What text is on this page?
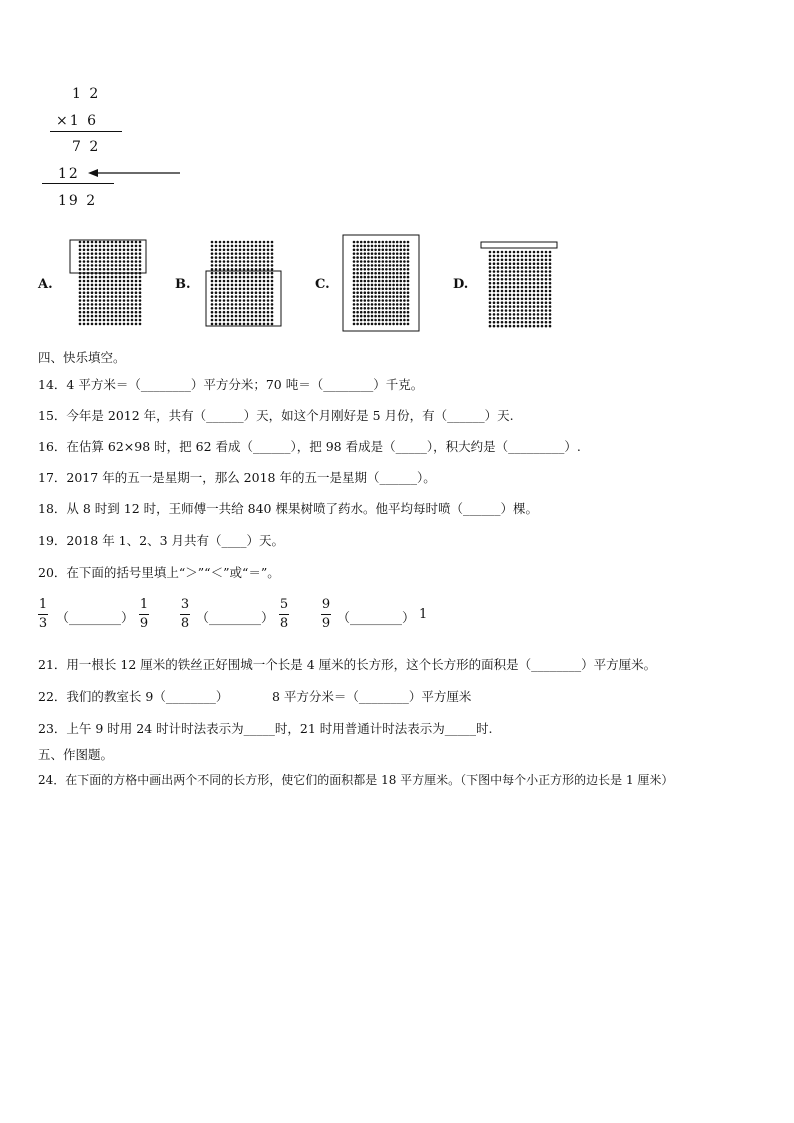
1 2
×1 6
7 2
12
19 2
A.	B.	C.	D.
四、快乐填空。
14．4 平方米＝（________）平方分米；70 吨＝（________）千克。
15．今年是 2012 年，共有（______）天，如这个月刚好是 5 月份，有（______）天.
16．在估算 62×98 时，把 62 看成（______），把 98 看成是（_____），积大约是（_________）.
17．2017 年的五一是星期一，那么 2018 年的五一是星期（______）。
18．从 8 时到 12 时，王师傅一共给 840 棵果树喷了药水。他平均每时喷（______）棵。
19．2018 年 1、2、3 月共有（____）天。
20．在下面的括号里填上“＞”“＜”或“＝”。
1
3 （________）
1
9
3
8 （________）
5
8
9
9 （________） 1
21．用一根长 12 厘米的铁丝正好围城一个长是 4 厘米的长方形，这个长方形的面积是（________）平方厘米。
22．我们的教室长 9（________）	8 平方分米＝（________）平方厘米
23．上午 9 时用 24 时计时法表示为_____时，21 时用普通计时法表示为_____时.
五、作图题。
24．在下面的方格中画出两个不同的长方形，使它们的面积都是 18 平方厘米。（下图中每个小正方形的边长是 1 厘米）
